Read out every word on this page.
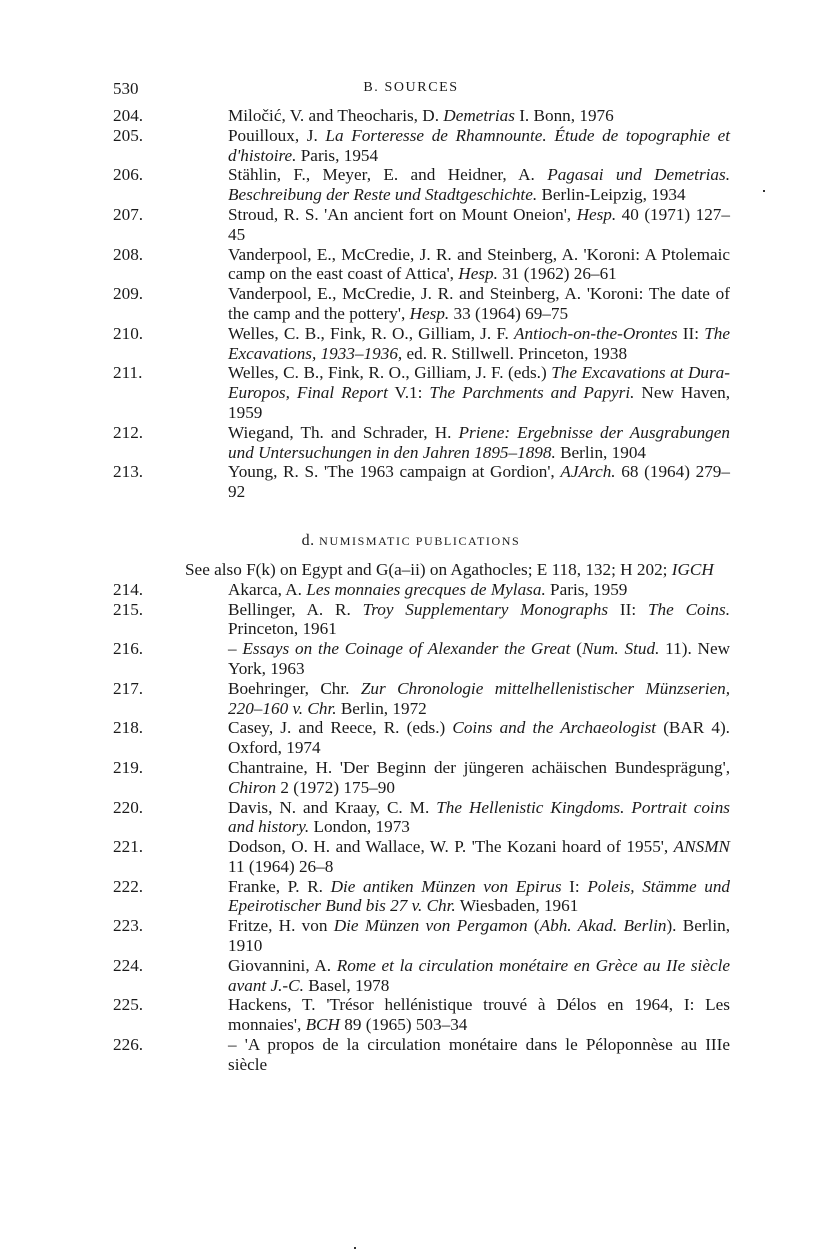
530	B. SOURCES
204.	Miločić, V. and Theocharis, D. Demetrias I. Bonn, 1976
205.	Pouilloux, J. La Forteresse de Rhamnounte. Étude de topographie et d'histoire. Paris, 1954
206.	Stählin, F., Meyer, E. and Heidner, A. Pagasai und Demetrias. Beschreibung der Reste und Stadtgeschichte. Berlin-Leipzig, 1934
207.	Stroud, R. S. 'An ancient fort on Mount Oneion', Hesp. 40 (1971) 127–45
208.	Vanderpool, E., McCredie, J. R. and Steinberg, A. 'Koroni: A Ptolemaic camp on the east coast of Attica', Hesp. 31 (1962) 26–61
209.	Vanderpool, E., McCredie, J. R. and Steinberg, A. 'Koroni: The date of the camp and the pottery', Hesp. 33 (1964) 69–75
210.	Welles, C. B., Fink, R. O., Gilliam, J. F. Antioch-on-the-Orontes II: The Excavations, 1933–1936, ed. R. Stillwell. Princeton, 1938
211.	Welles, C. B., Fink, R. O., Gilliam, J. F. (eds.) The Excavations at Dura-Europos, Final Report V.1: The Parchments and Papyri. New Haven, 1959
212.	Wiegand, Th. and Schrader, H. Priene: Ergebnisse der Ausgrabungen und Untersuchungen in den Jahren 1895–1898. Berlin, 1904
213.	Young, R. S. 'The 1963 campaign at Gordion', AJArch. 68 (1964) 279–92
d. NUMISMATIC PUBLICATIONS
See also F(k) on Egypt and G(a–ii) on Agathocles; E 118, 132; H 202; IGCH
214.	Akarca, A. Les monnaies grecques de Mylasa. Paris, 1959
215.	Bellinger, A. R. Troy Supplementary Monographs II: The Coins. Princeton, 1961
216.	– Essays on the Coinage of Alexander the Great (Num. Stud. 11). New York, 1963
217.	Boehringer, Chr. Zur Chronologie mittelhellenistischer Münzserien, 220–160 v. Chr. Berlin, 1972
218.	Casey, J. and Reece, R. (eds.) Coins and the Archaeologist (BAR 4). Oxford, 1974
219.	Chantraine, H. 'Der Beginn der jüngeren achäischen Bundesprägung', Chiron 2 (1972) 175–90
220.	Davis, N. and Kraay, C. M. The Hellenistic Kingdoms. Portrait coins and history. London, 1973
221.	Dodson, O. H. and Wallace, W. P. 'The Kozani hoard of 1955', ANSMN 11 (1964) 26–8
222.	Franke, P. R. Die antiken Münzen von Epirus I: Poleis, Stämme und Epeirotischer Bund bis 27 v. Chr. Wiesbaden, 1961
223.	Fritze, H. von Die Münzen von Pergamon (Abh. Akad. Berlin). Berlin, 1910
224.	Giovannini, A. Rome et la circulation monétaire en Grèce au IIe siècle avant J.-C. Basel, 1978
225.	Hackens, T. 'Trésor hellénistique trouvé à Délos en 1964, I: Les monnaies', BCH 89 (1965) 503–34
226.	– 'A propos de la circulation monétaire dans le Péloponnèse au IIIe siècle
